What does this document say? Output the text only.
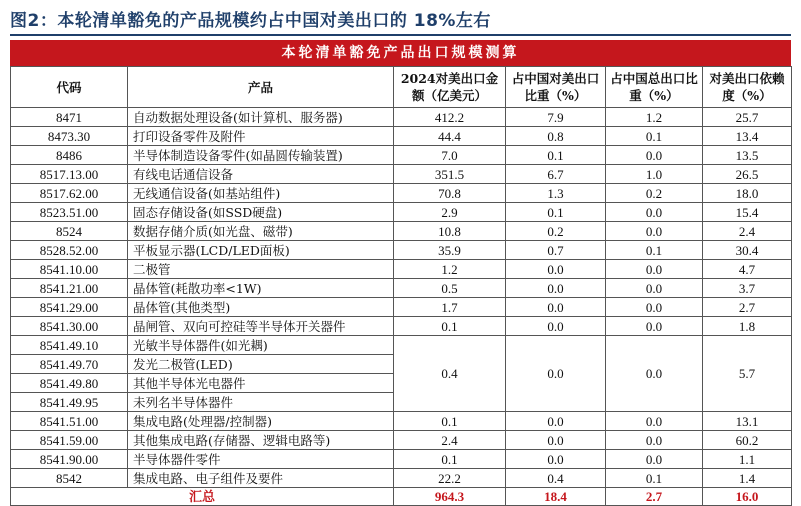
图2：本轮清单豁免的产品规模约占中国对美出口的 18%左右
本轮清单豁免产品出口规模测算
代码	产品	2024对美出口金额（亿美元）	占中国对美出口比重（%）	占中国总出口比重（%）	对美出口依赖度（%）
8471	自动数据处理设备(如计算机、服务器)	412.2	7.9	1.2	25.7
8473.30	打印设备零件及附件	44.4	0.8	0.1	13.4
8486	半导体制造设备零件(如晶圆传输装置)	7.0	0.1	0.0	13.5
8517.13.00	有线电话通信设备	351.5	6.7	1.0	26.5
8517.62.00	无线通信设备(如基站组件)	70.8	1.3	0.2	18.0
8523.51.00	固态存储设备(如SSD硬盘)	2.9	0.1	0.0	15.4
8524	数据存储介质(如光盘、磁带)	10.8	0.2	0.0	2.4
8528.52.00	平板显示器(LCD/LED面板)	35.9	0.7	0.1	30.4
8541.10.00	二极管	1.2	0.0	0.0	4.7
8541.21.00	晶体管(耗散功率<1W)	0.5	0.0	0.0	3.7
8541.29.00	晶体管(其他类型)	1.7	0.0	0.0	2.7
8541.30.00	晶闸管、双向可控硅等半导体开关器件	0.1	0.0	0.0	1.8
8541.49.10	光敏半导体器件(如光耦)	0.4	0.0	0.0	5.7
8541.49.70	发光二极管(LED)				
8541.49.80	其他半导体光电器件				
8541.49.95	未列名半导体器件				
8541.51.00	集成电路(处理器/控制器)	0.1	0.0	0.0	13.1
8541.59.00	其他集成电路(存储器、逻辑电路等)	2.4	0.0	0.0	60.2
8541.90.00	半导体器件零件	0.1	0.0	0.0	1.1
8542	集成电路、电子组件及要件	22.2	0.4	0.1	1.4
汇总		964.3	18.4	2.7	16.0
